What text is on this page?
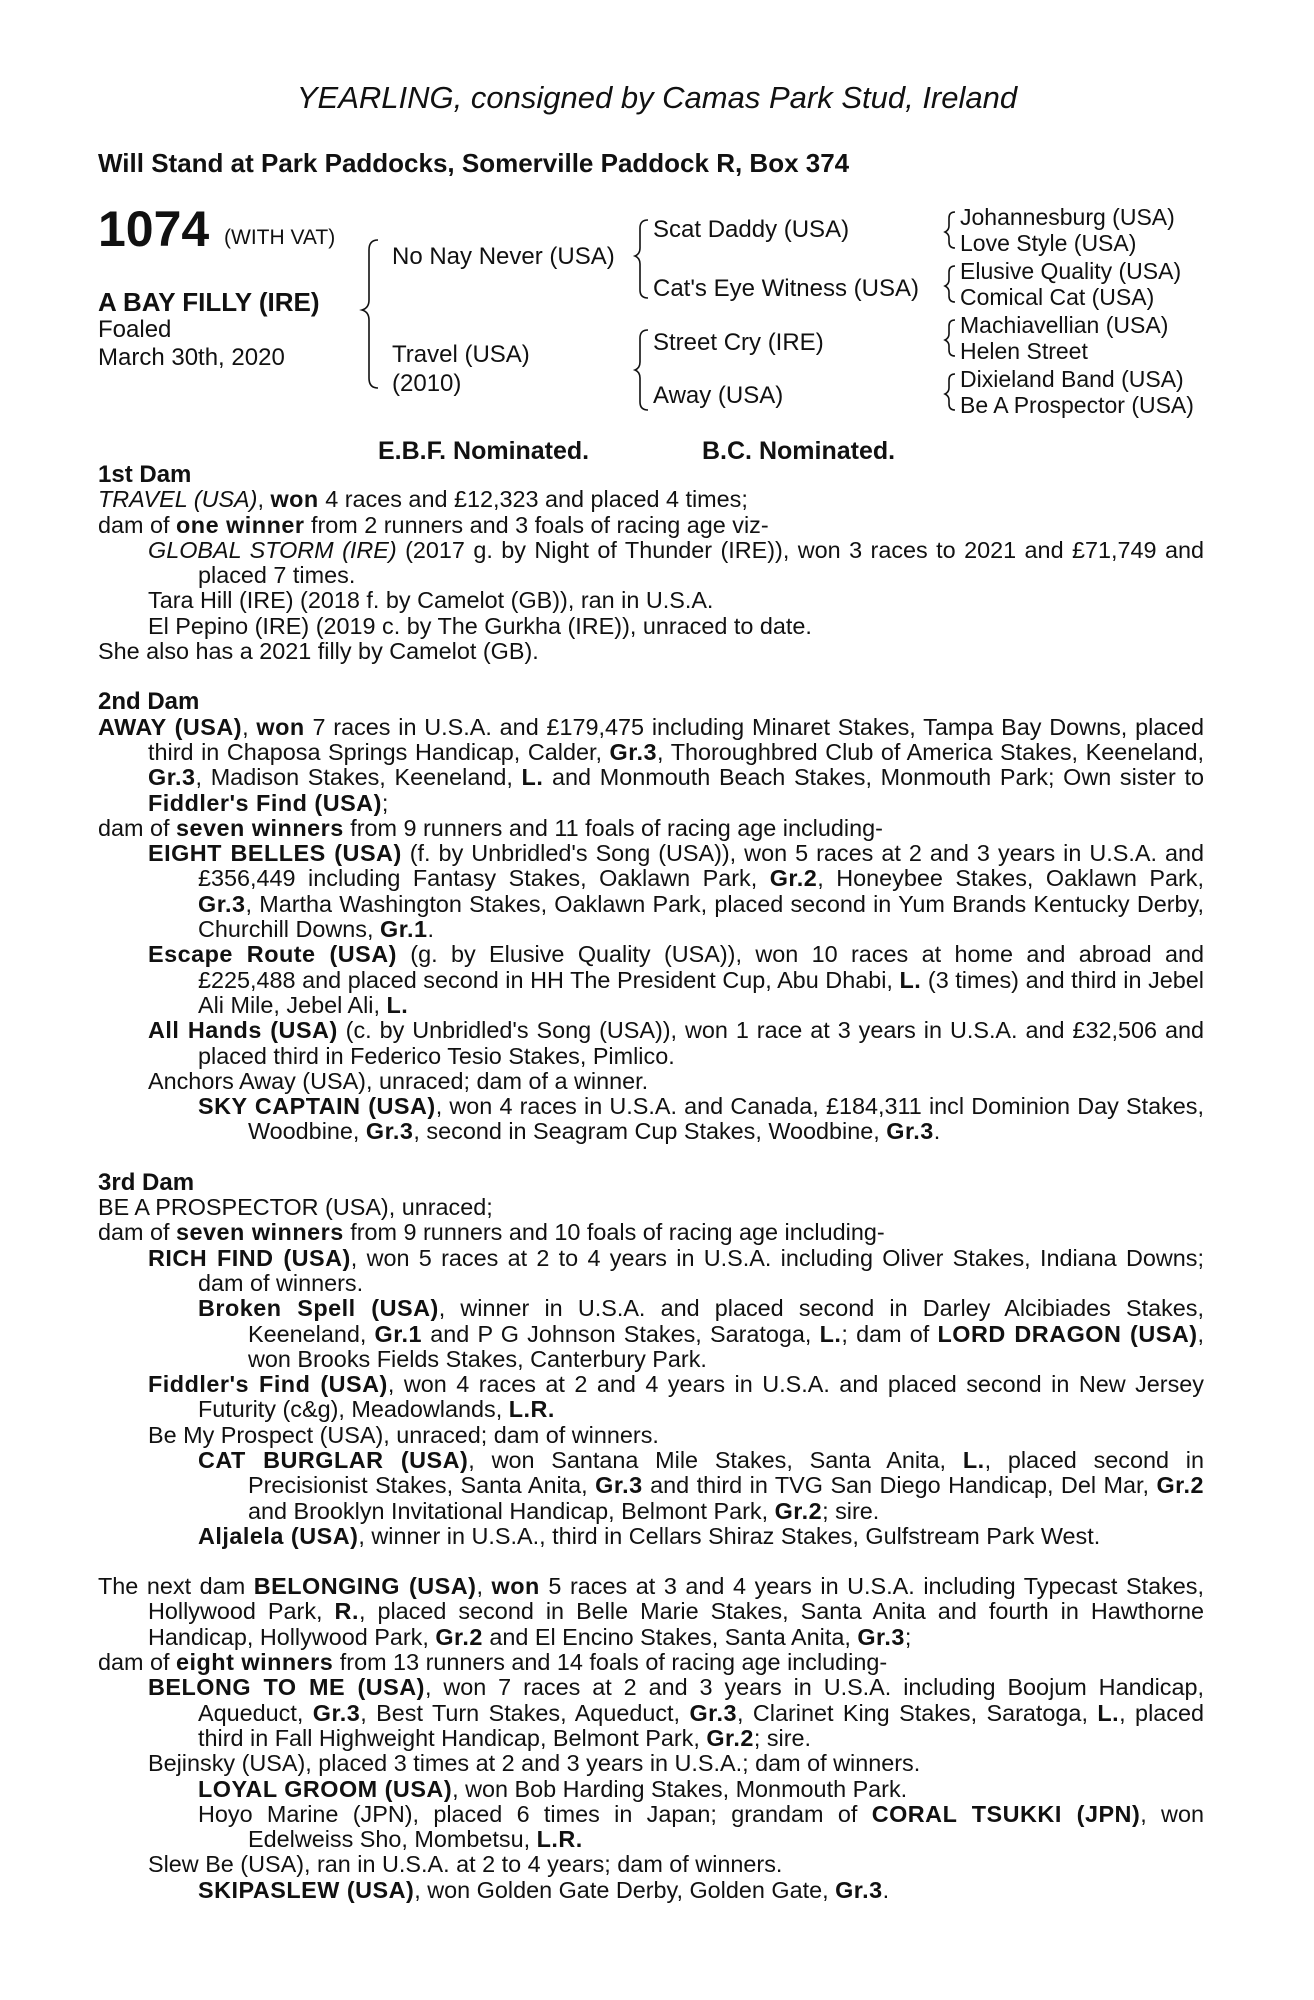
YEARLING, consigned by Camas Park Stud, Ireland
Will Stand at Park Paddocks, Somerville Paddock R, Box 374
1074 (WITH VAT)
A BAY FILLY (IRE)
Foaled
March 30th, 2020
No Nay Never (USA)
Travel (USA)
(2010)
Scat Daddy (USA)
Cat's Eye Witness (USA)
Street Cry (IRE)
Away (USA)
Johannesburg (USA)
Love Style (USA)
Elusive Quality (USA)
Comical Cat (USA)
Machiavellian (USA)
Helen Street
Dixieland Band (USA)
Be A Prospector (USA)
E.B.F. Nominated.	B.C. Nominated.
1st Dam
TRAVEL (USA), won 4 races and £12,323 and placed 4 times;
dam of one winner from 2 runners and 3 foals of racing age viz-
GLOBAL STORM (IRE) (2017 g. by Night of Thunder (IRE)), won 3 races to 2021 and £71,749 and placed 7 times.
Tara Hill (IRE) (2018 f. by Camelot (GB)), ran in U.S.A.
El Pepino (IRE) (2019 c. by The Gurkha (IRE)), unraced to date.
She also has a 2021 filly by Camelot (GB).
2nd Dam
AWAY (USA), won 7 races in U.S.A. and £179,475 including Minaret Stakes, Tampa Bay Downs, placed third in Chaposa Springs Handicap, Calder, Gr.3, Thoroughbred Club of America Stakes, Keeneland, Gr.3, Madison Stakes, Keeneland, L. and Monmouth Beach Stakes, Monmouth Park; Own sister to Fiddler's Find (USA);
dam of seven winners from 9 runners and 11 foals of racing age including-
EIGHT BELLES (USA) (f. by Unbridled's Song (USA)), won 5 races at 2 and 3 years in U.S.A. and £356,449 including Fantasy Stakes, Oaklawn Park, Gr.2, Honeybee Stakes, Oaklawn Park, Gr.3, Martha Washington Stakes, Oaklawn Park, placed second in Yum Brands Kentucky Derby, Churchill Downs, Gr.1.
Escape Route (USA) (g. by Elusive Quality (USA)), won 10 races at home and abroad and £225,488 and placed second in HH The President Cup, Abu Dhabi, L. (3 times) and third in Jebel Ali Mile, Jebel Ali, L.
All Hands (USA) (c. by Unbridled's Song (USA)), won 1 race at 3 years in U.S.A. and £32,506 and placed third in Federico Tesio Stakes, Pimlico.
Anchors Away (USA), unraced; dam of a winner.
SKY CAPTAIN (USA), won 4 races in U.S.A. and Canada, £184,311 incl Dominion Day Stakes, Woodbine, Gr.3, second in Seagram Cup Stakes, Woodbine, Gr.3.
3rd Dam
BE A PROSPECTOR (USA), unraced;
dam of seven winners from 9 runners and 10 foals of racing age including-
RICH FIND (USA), won 5 races at 2 to 4 years in U.S.A. including Oliver Stakes, Indiana Downs; dam of winners.
Broken Spell (USA), winner in U.S.A. and placed second in Darley Alcibiades Stakes, Keeneland, Gr.1 and P G Johnson Stakes, Saratoga, L.; dam of LORD DRAGON (USA), won Brooks Fields Stakes, Canterbury Park.
Fiddler's Find (USA), won 4 races at 2 and 4 years in U.S.A. and placed second in New Jersey Futurity (c&g), Meadowlands, L.R.
Be My Prospect (USA), unraced; dam of winners.
CAT BURGLAR (USA), won Santana Mile Stakes, Santa Anita, L., placed second in Precisionist Stakes, Santa Anita, Gr.3 and third in TVG San Diego Handicap, Del Mar, Gr.2 and Brooklyn Invitational Handicap, Belmont Park, Gr.2; sire.
Aljalela (USA), winner in U.S.A., third in Cellars Shiraz Stakes, Gulfstream Park West.
The next dam BELONGING (USA), won 5 races at 3 and 4 years in U.S.A. including Typecast Stakes, Hollywood Park, R., placed second in Belle Marie Stakes, Santa Anita and fourth in Hawthorne Handicap, Hollywood Park, Gr.2 and El Encino Stakes, Santa Anita, Gr.3;
dam of eight winners from 13 runners and 14 foals of racing age including-
BELONG TO ME (USA), won 7 races at 2 and 3 years in U.S.A. including Boojum Handicap, Aqueduct, Gr.3, Best Turn Stakes, Aqueduct, Gr.3, Clarinet King Stakes, Saratoga, L., placed third in Fall Highweight Handicap, Belmont Park, Gr.2; sire.
Bejinsky (USA), placed 3 times at 2 and 3 years in U.S.A.; dam of winners.
LOYAL GROOM (USA), won Bob Harding Stakes, Monmouth Park.
Hoyo Marine (JPN), placed 6 times in Japan; grandam of CORAL TSUKKI (JPN), won Edelweiss Sho, Mombetsu, L.R.
Slew Be (USA), ran in U.S.A. at 2 to 4 years; dam of winners.
SKIPASLEW (USA), won Golden Gate Derby, Golden Gate, Gr.3.
